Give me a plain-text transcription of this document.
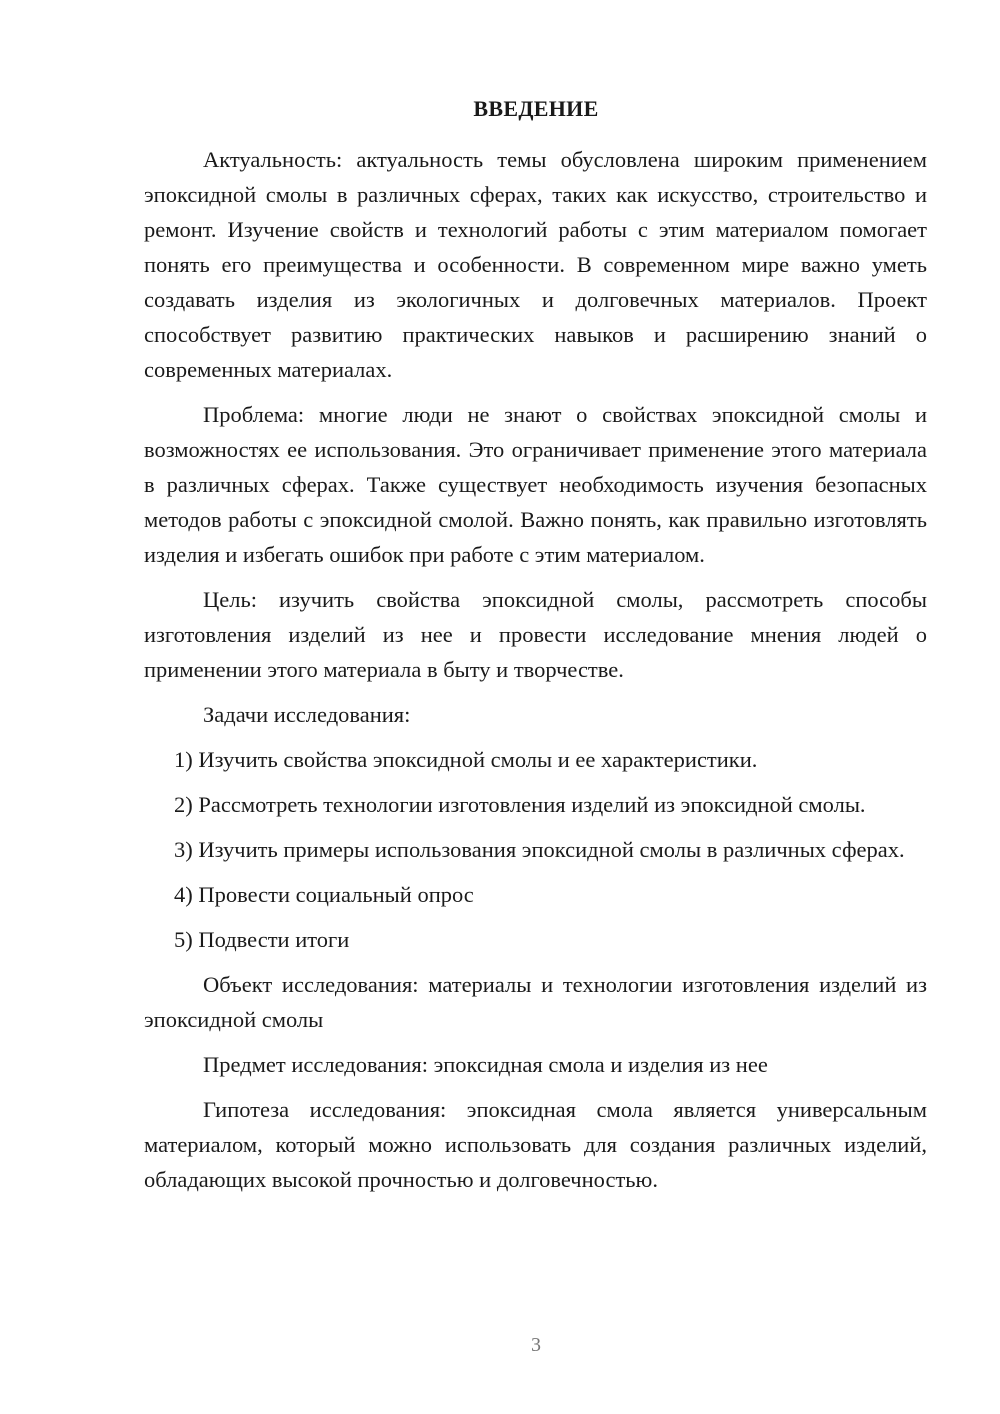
ВВЕДЕНИЕ

Актуальность: актуальность темы обусловлена широким применением эпоксидной смолы в различных сферах, таких как искусство, строительство и ремонт. Изучение свойств и технологий работы с этим материалом помогает понять его преимущества и особенности. В современном мире важно уметь создавать изделия из экологичных и долговечных материалов. Проект способствует развитию практических навыков и расширению знаний о современных материалах.

Проблема: многие люди не знают о свойствах эпоксидной смолы и возможностях ее использования. Это ограничивает применение этого материала в различных сферах. Также существует необходимость изучения безопасных методов работы с эпоксидной смолой. Важно понять, как правильно изготовлять изделия и избегать ошибок при работе с этим материалом.

Цель: изучить свойства эпоксидной смолы, рассмотреть способы изготовления изделий из нее и провести исследование мнения людей о применении этого материала в быту и творчестве.

Задачи исследования:

1) Изучить свойства эпоксидной смолы и ее характеристики.

2) Рассмотреть технологии изготовления изделий из эпоксидной смолы.

3) Изучить примеры использования эпоксидной смолы в различных сферах.

4) Провести социальный опрос

5) Подвести итоги

Объект исследования: материалы и технологии изготовления изделий из эпоксидной смолы

Предмет исследования: эпоксидная смола и изделия из нее

Гипотеза исследования: эпоксидная смола является универсальным материалом, который можно использовать для создания различных изделий, обладающих высокой прочностью и долговечностью.

3
